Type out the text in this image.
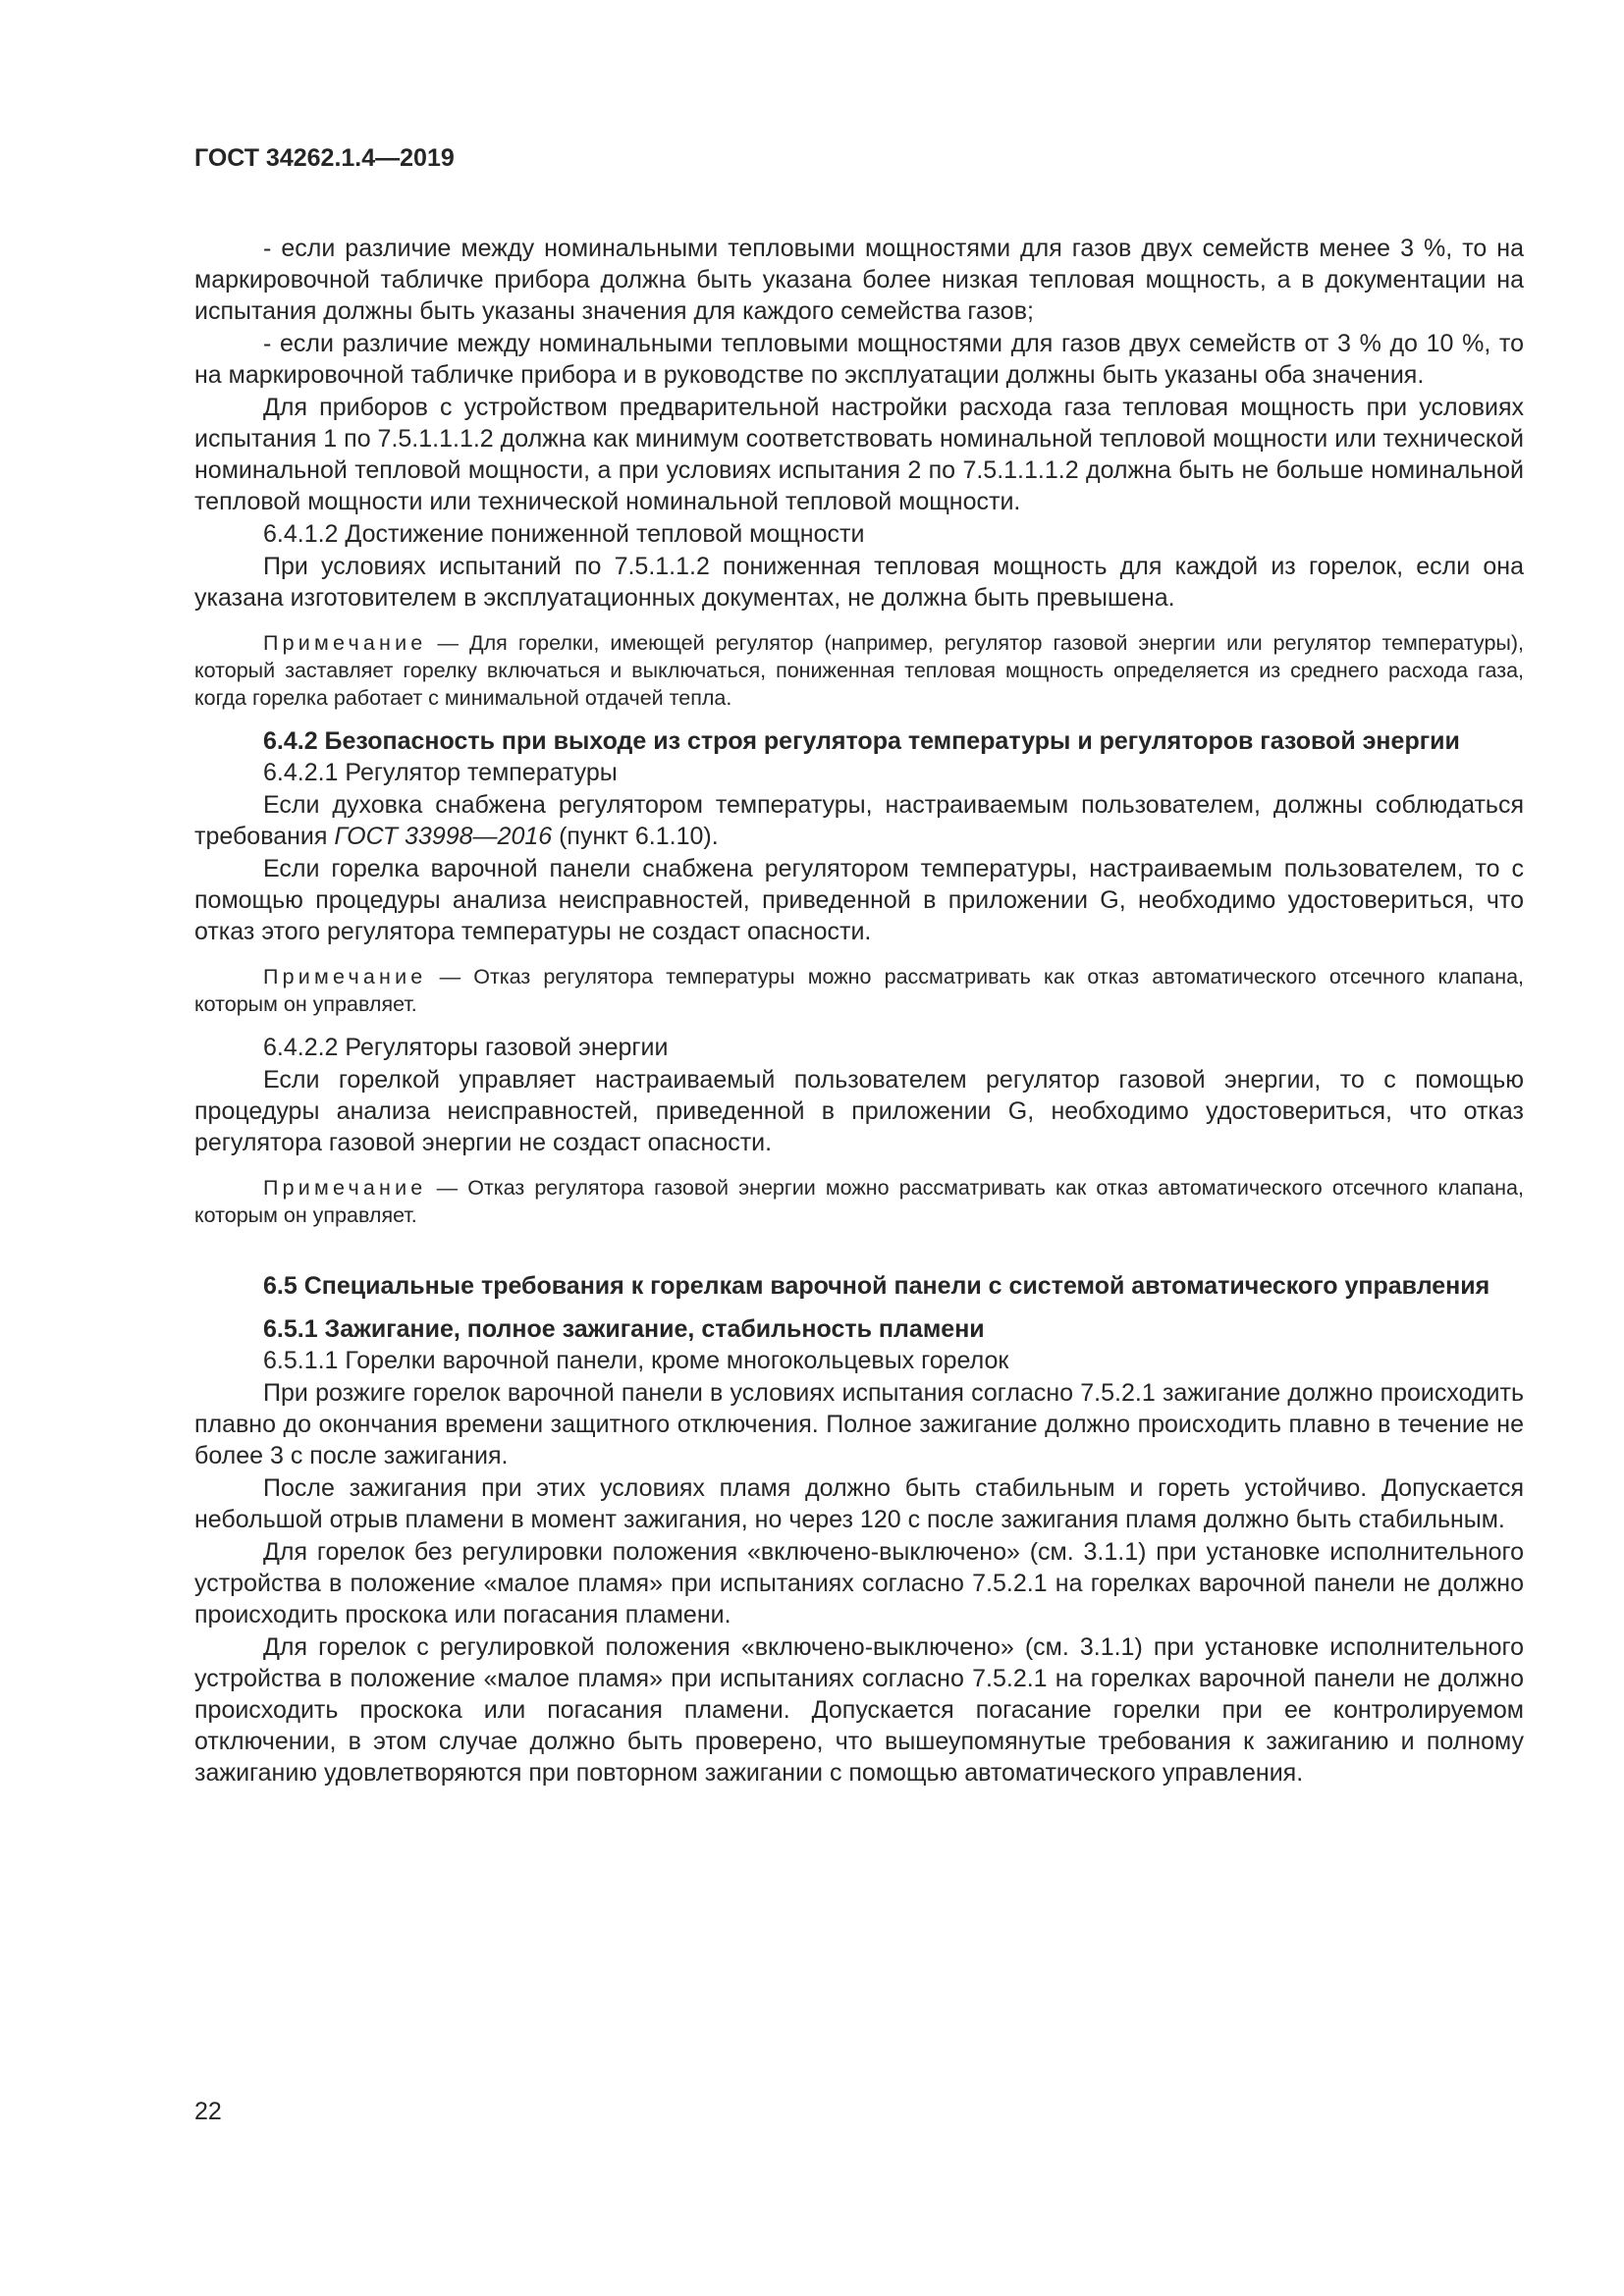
ГОСТ 34262.1.4—2019

- если различие между номинальными тепловыми мощностями для газов двух семейств менее 3 %, то на маркировочной табличке прибора должна быть указана более низкая тепловая мощность, а в документации на испытания должны быть указаны значения для каждого семейства газов;

- если различие между номинальными тепловыми мощностями для газов двух семейств от 3 % до 10 %, то на маркировочной табличке прибора и в руководстве по эксплуатации должны быть указаны оба значения.

Для приборов с устройством предварительной настройки расхода газа тепловая мощность при условиях испытания 1 по 7.5.1.1.1.2 должна как минимум соответствовать номинальной тепловой мощности или технической номинальной тепловой мощности, а при условиях испытания 2 по 7.5.1.1.1.2 должна быть не больше номинальной тепловой мощности или технической номинальной тепловой мощности.

6.4.1.2 Достижение пониженной тепловой мощности

При условиях испытаний по 7.5.1.1.2 пониженная тепловая мощность для каждой из горелок, если она указана изготовителем в эксплуатационных документах, не должна быть превышена.

Примечание — Для горелки, имеющей регулятор (например, регулятор газовой энергии или регулятор температуры), который заставляет горелку включаться и выключаться, пониженная тепловая мощность определяется из среднего расхода газа, когда горелка работает с минимальной отдачей тепла.

6.4.2 Безопасность при выходе из строя регулятора температуры и регуляторов газовой энергии

6.4.2.1 Регулятор температуры

Если духовка снабжена регулятором температуры, настраиваемым пользователем, должны соблюдаться требования ГОСТ 33998—2016 (пункт 6.1.10).

Если горелка варочной панели снабжена регулятором температуры, настраиваемым пользователем, то с помощью процедуры анализа неисправностей, приведенной в приложении G, необходимо удостовериться, что отказ этого регулятора температуры не создаст опасности.

Примечание — Отказ регулятора температуры можно рассматривать как отказ автоматического отсечного клапана, которым он управляет.

6.4.2.2 Регуляторы газовой энергии

Если горелкой управляет настраиваемый пользователем регулятор газовой энергии, то с помощью процедуры анализа неисправностей, приведенной в приложении G, необходимо удостовериться, что отказ регулятора газовой энергии не создаст опасности.

Примечание — Отказ регулятора газовой энергии можно рассматривать как отказ автоматического отсечного клапана, которым он управляет.

6.5 Специальные требования к горелкам варочной панели с системой автоматического управления

6.5.1 Зажигание, полное зажигание, стабильность пламени

6.5.1.1 Горелки варочной панели, кроме многокольцевых горелок

При розжиге горелок варочной панели в условиях испытания согласно 7.5.2.1 зажигание должно происходить плавно до окончания времени защитного отключения. Полное зажигание должно происходить плавно в течение не более 3 с после зажигания.

После зажигания при этих условиях пламя должно быть стабильным и гореть устойчиво. Допускается небольшой отрыв пламени в момент зажигания, но через 120 с после зажигания пламя должно быть стабильным.

Для горелок без регулировки положения «включено-выключено» (см. 3.1.1) при установке исполнительного устройства в положение «малое пламя» при испытаниях согласно 7.5.2.1 на горелках варочной панели не должно происходить проскока или погасания пламени.

Для горелок с регулировкой положения «включено-выключено» (см. 3.1.1) при установке исполнительного устройства в положение «малое пламя» при испытаниях согласно 7.5.2.1 на горелках варочной панели не должно происходить проскока или погасания пламени. Допускается погасание горелки при ее контролируемом отключении, в этом случае должно быть проверено, что вышеупомянутые требования к зажиганию и полному зажиганию удовлетворяются при повторном зажигании с помощью автоматического управления.

22
